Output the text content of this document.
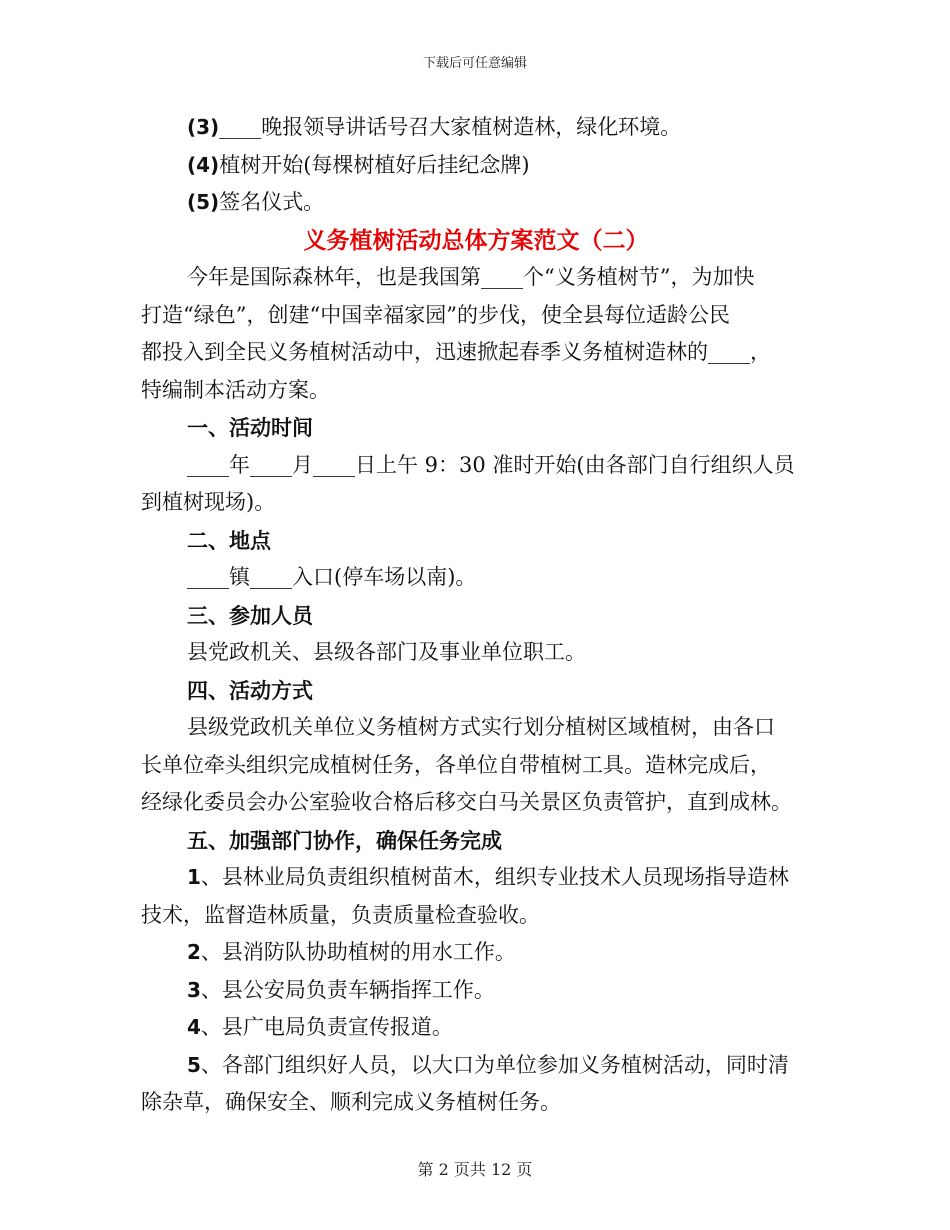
下载后可任意编辑
(3)____晚报领导讲话号召大家植树造林，绿化环境。
(4)植树开始(每棵树植好后挂纪念牌)
(5)签名仪式。
义务植树活动总体方案范文（二）
今年是国际森林年，也是我国第____个“义务植树节”，为加快
打造“绿色”，创建“中国幸福家园”的步伐，使全县每位适龄公民
都投入到全民义务植树活动中，迅速掀起春季义务植树造林的____，
特编制本活动方案。
一、活动时间
____年____月____日上午 9：30 准时开始(由各部门自行组织人员
到植树现场)。
二、地点
____镇____入口(停车场以南)。
三、参加人员
县党政机关、县级各部门及事业单位职工。
四、活动方式
县级党政机关单位义务植树方式实行划分植树区域植树，由各口
长单位牵头组织完成植树任务，各单位自带植树工具。造林完成后，
经绿化委员会办公室验收合格后移交白马关景区负责管护，直到成林。
五、加强部门协作，确保任务完成
1、县林业局负责组织植树苗木，组织专业技术人员现场指导造林
技术，监督造林质量，负责质量检查验收。
2、县消防队协助植树的用水工作。
3、县公安局负责车辆指挥工作。
4、县广电局负责宣传报道。
5、各部门组织好人员，以大口为单位参加义务植树活动，同时清
除杂草，确保安全、顺利完成义务植树任务。
第 2 页共 12 页
